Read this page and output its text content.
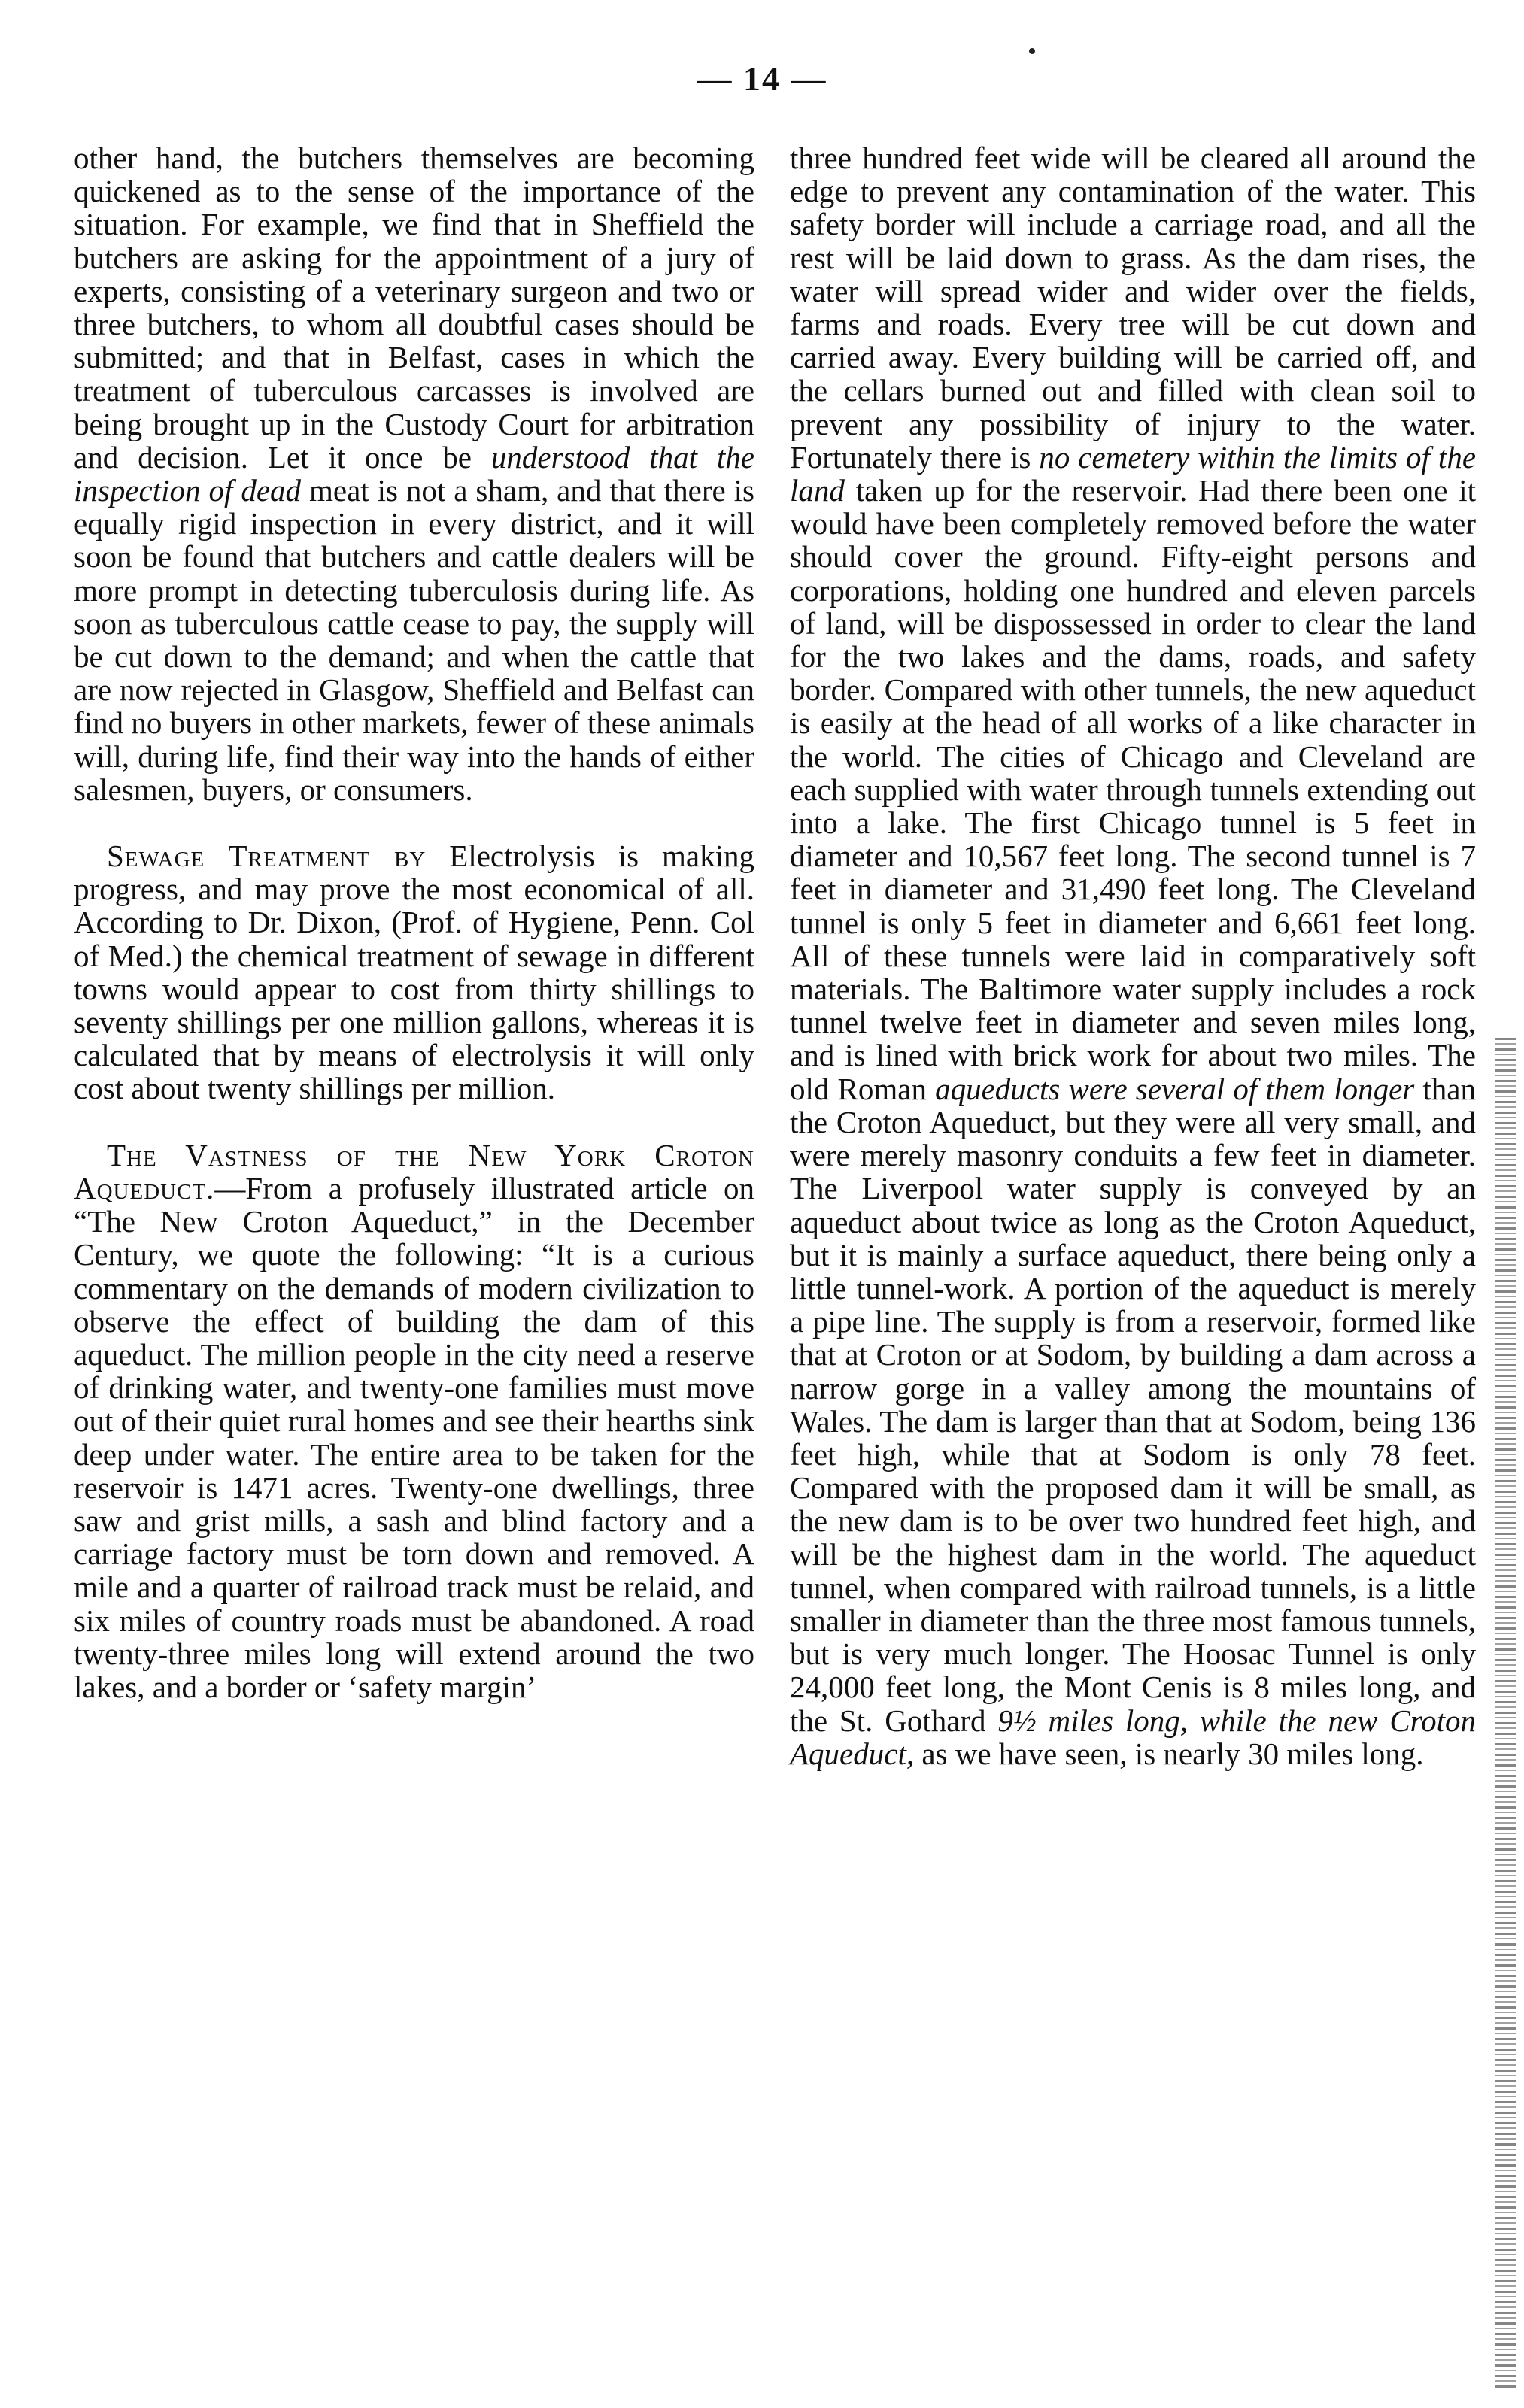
— 14 —

other hand, the butchers themselves are becoming quickened as to the sense of the importance of the situation. For example, we find that in Sheffield the butchers are asking for the appointment of a jury of experts, consisting of a veterinary surgeon and two or three butchers, to whom all doubtful cases should be submitted; and that in Belfast, cases in which the treatment of tuberculous carcasses is involved are being brought up in the Custody Court for arbitration and decision. Let it once be understood that the inspection of dead meat is not a sham, and that there is equally rigid inspection in every district, and it will soon be found that butchers and cattle dealers will be more prompt in detecting tuberculosis during life. As soon as tuberculous cattle cease to pay, the supply will be cut down to the demand; and when the cattle that are now rejected in Glasgow, Sheffield and Belfast can find no buyers in other markets, fewer of these animals will, during life, find their way into the hands of either salesmen, buyers, or consumers.

Sewage Treatment by Electrolysis is making progress, and may prove the most economical of all. According to Dr. Dixon, (Prof. of Hygiene, Penn. Col of Med.) the chemical treatment of sewage in different towns would appear to cost from thirty shillings to seventy shillings per one million gallons, whereas it is calculated that by means of electrolysis it will only cost about twenty shillings per million.

The Vastness of the New York Croton Aqueduct.—From a profusely illustrated article on “The New Croton Aqueduct,” in the December Century, we quote the following: “It is a curious commentary on the demands of modern civilization to observe the effect of building the dam of this aqueduct. The million people in the city need a reserve of drinking water, and twenty-one families must move out of their quiet rural homes and see their hearths sink deep under water. The entire area to be taken for the reservoir is 1471 acres. Twenty-one dwellings, three saw and grist mills, a sash and blind factory and a carriage factory must be torn down and removed. A mile and a quarter of railroad track must be relaid, and six miles of country roads must be abandoned. A road twenty-three miles long will extend around the two lakes, and a border or ‘safety margin’

three hundred feet wide will be cleared all around the edge to prevent any contamination of the water. This safety border will include a carriage road, and all the rest will be laid down to grass. As the dam rises, the water will spread wider and wider over the fields, farms and roads. Every tree will be cut down and carried away. Every building will be carried off, and the cellars burned out and filled with clean soil to prevent any possibility of injury to the water. Fortunately there is no cemetery within the limits of the land taken up for the reservoir. Had there been one it would have been completely removed before the water should cover the ground. Fifty-eight persons and corporations, holding one hundred and eleven parcels of land, will be dispossessed in order to clear the land for the two lakes and the dams, roads, and safety border. Compared with other tunnels, the new aqueduct is easily at the head of all works of a like character in the world. The cities of Chicago and Cleveland are each supplied with water through tunnels extending out into a lake. The first Chicago tunnel is 5 feet in diameter and 10,567 feet long. The second tunnel is 7 feet in diameter and 31,490 feet long. The Cleveland tunnel is only 5 feet in diameter and 6,661 feet long. All of these tunnels were laid in comparatively soft materials. The Baltimore water supply includes a rock tunnel twelve feet in diameter and seven miles long, and is lined with brick work for about two miles. The old Roman aqueducts were several of them longer than the Croton Aqueduct, but they were all very small, and were merely masonry conduits a few feet in diameter. The Liverpool water supply is conveyed by an aqueduct about twice as long as the Croton Aqueduct, but it is mainly a surface aqueduct, there being only a little tunnel-work. A portion of the aqueduct is merely a pipe line. The supply is from a reservoir, formed like that at Croton or at Sodom, by building a dam across a narrow gorge in a valley among the mountains of Wales. The dam is larger than that at Sodom, being 136 feet high, while that at Sodom is only 78 feet. Compared with the proposed dam it will be small, as the new dam is to be over two hundred feet high, and will be the highest dam in the world. The aqueduct tunnel, when compared with railroad tunnels, is a little smaller in diameter than the three most famous tunnels, but is very much longer. The Hoosac Tunnel is only 24,000 feet long, the Mont Cenis is 8 miles long, and the St. Gothard 9½ miles long, while the new Croton Aqueduct, as we have seen, is nearly 30 miles long.
